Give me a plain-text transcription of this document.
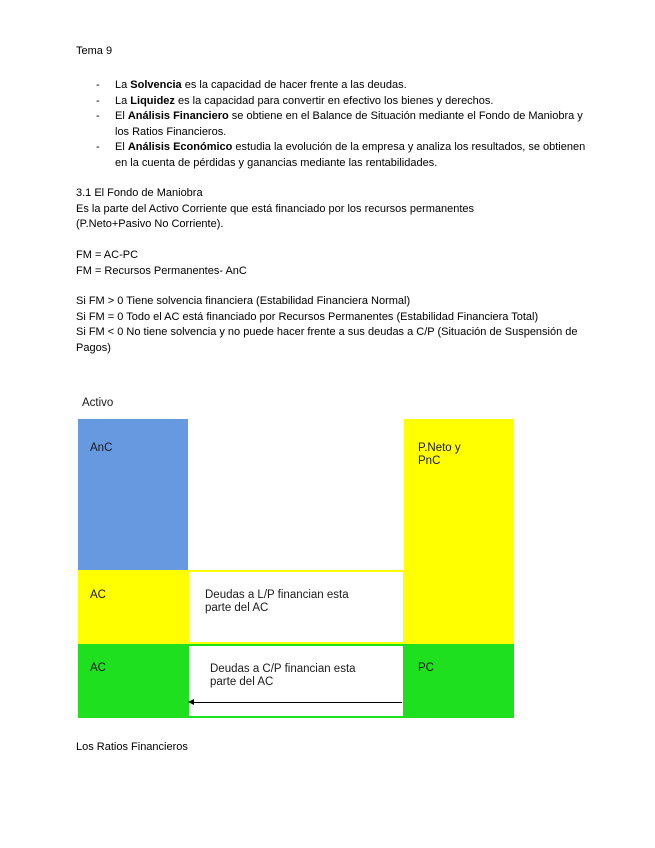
Tema 9
- La Solvencia es la capacidad de hacer frente a las deudas.
- La Liquidez es la capacidad para convertir en efectivo los bienes y derechos.
- El Análisis Financiero se obtiene en el Balance de Situación mediante el Fondo de Maniobra y los Ratios Financieros.
- El Análisis Económico estudia la evolución de la empresa y analiza los resultados, se obtienen en la cuenta de pérdidas y ganancias mediante las rentabilidades.
3.1 El Fondo de Maniobra
Es la parte del Activo Corriente que está financiado por los recursos permanentes (P.Neto+Pasivo No Corriente).
FM = AC-PC
FM = Recursos Permanentes- AnC
Si FM > 0 Tiene solvencia financiera (Estabilidad Financiera Normal)
Si FM = 0 Todo el AC está financiado por Recursos Permanentes (Estabilidad Financiera Total)
Si FM < 0 No tiene solvencia y no puede hacer frente a sus deudas a C/P (Situación de Suspensión de Pagos)
Activo
AnC
AC
AC
P.Neto y PnC
PC
Deudas a L/P financian esta parte del AC
Deudas a C/P financian esta parte del AC
Los Ratios Financieros
